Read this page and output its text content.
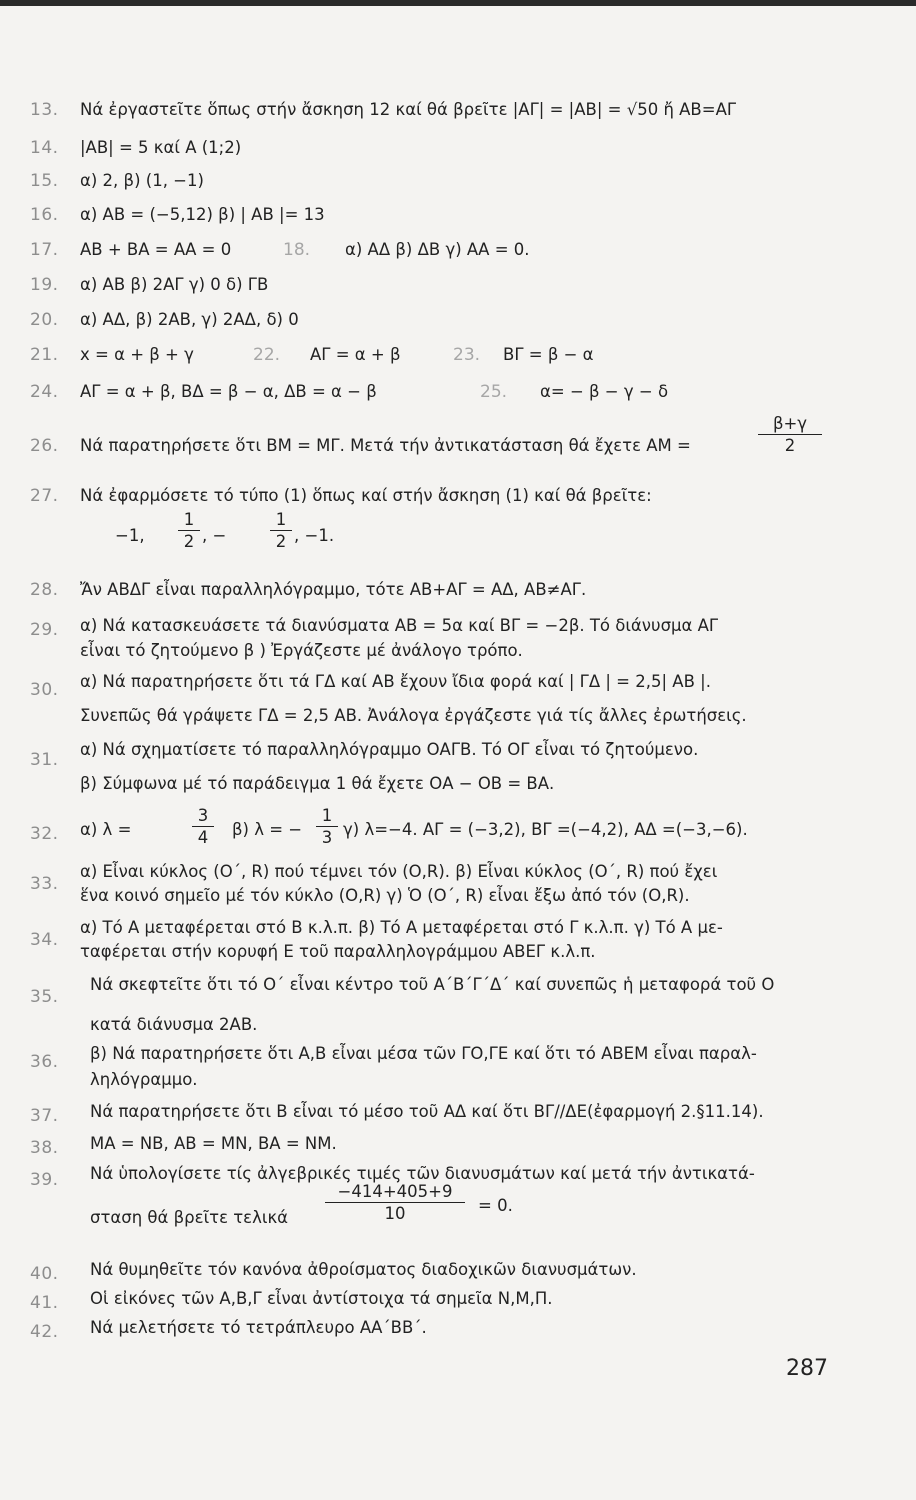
13.	Νά ἐργαστεῖτε ὅπως στήν ἄσκηση 12 καί θά βρεῖτε |ΑΓ| = |ΑΒ| = √50 ἤ ΑΒ=ΑΓ
14.	|ΑΒ| = 5 καί Α (1;2)
15.	α) 2, β) (1, −1)
16.	α) ΑΒ = (−5,12) β) | ΑΒ |= 13
17.	ΑΒ + ΒΑ = ΑΑ = 0	18. α) ΑΔ β) ΔΒ γ) ΑΑ = 0.
19.	α) ΑΒ β) 2ΑΓ γ) 0 δ) ΓΒ
20.	α) ΑΔ, β) 2ΑΒ, γ) 2ΑΔ, δ) 0
21.	x = α + β + γ	22. ΑΓ = α + β	23. ΒΓ = β − α
24.	ΑΓ = α + β, ΒΔ = β − α, ΔΒ = α − β	25. α= − β − γ − δ
26.	Νά παρατηρήσετε ὅτι ΒΜ = ΜΓ. Μετά τήν ἀντικατάσταση θά ἔχετε ΑΜ =
β+γ
2
27.	Νά ἐφαρμόσετε τό τύπο (1) ὅπως καί στήν ἄσκηση (1) καί θά βρεῖτε:
−1,
1
2 , −
1
2 , −1.
28.	Ἄν ΑΒΔΓ εἶναι παραλληλόγραμμο, τότε ΑΒ+ΑΓ = ΑΔ, ΑΒ≠ΑΓ.
29.	α) Νά κατασκευάσετε τά διανύσματα ΑΒ = 5α καί ΒΓ = −2β. Τό διάνυσμα ΑΓ
εἶναι τό ζητούμενο β ) Ἐργάζεστε μέ ἀνάλογο τρόπο.
30.	α) Νά παρατηρήσετε ὅτι τά ΓΔ καί ΑΒ ἔχουν ἴδια φορά καί | ΓΔ | = 2,5| ΑΒ |.
Συνεπῶς θά γράψετε ΓΔ = 2,5 ΑΒ. Ἀνάλογα ἐργάζεστε γιά τίς ἄλλες ἐρωτήσεις.
31.
α) Νά σχηματίσετε τό παραλληλόγραμμο ΟΑΓΒ. Τό ΟΓ εἶναι τό ζητούμενο.
β) Σύμφωνα μέ τό παράδειγμα 1 θά ἔχετε ΟΑ − ΟΒ = ΒΑ.
32.	α) λ =
3
4	β) λ = −
1
3 γ) λ=−4. ΑΓ = (−3,2), ΒΓ =(−4,2), ΑΔ =(−3,−6).
33.
α) Εἶναι κύκλος (Ο΄, R) πού τέμνει τόν (Ο,R). β) Εἶναι κύκλος (Ο΄, R) πού ἔχει
ἕνα κοινό σημεῖο μέ τόν κύκλο (Ο,R) γ) Ὁ (Ο΄, R) εἶναι ἔξω ἀπό τόν (Ο,R).
34.
α) Τό Α μεταφέρεται στό Β κ.λ.π. β) Τό Α μεταφέρεται στό Γ κ.λ.π. γ) Τό Α με-
ταφέρεται στήν κορυφή Ε τοῦ παραλληλογράμμου ΑΒΕΓ κ.λ.π.
35.
Νά σκεφτεῖτε ὅτι τό Ο΄ εἶναι κέντρο τοῦ Α΄Β΄Γ΄Δ΄ καί συνεπῶς ἡ μεταφορά τοῦ Ο
κατά διάνυσμα 2ΑΒ.
36.	β) Νά παρατηρήσετε ὅτι Α,Β εἶναι μέσα τῶν ΓΟ,ΓΕ καί ὅτι τό ΑΒΕΜ εἶναι παραλ-
ληλόγραμμο.
37.	Νά παρατηρήσετε ὅτι Β εἶναι τό μέσο τοῦ ΑΔ καί ὅτι ΒΓ//ΔΕ(ἐφαρμογή 2.§11.14).
38.	ΜΑ = ΝΒ, ΑΒ = ΜΝ, ΒΑ = ΝΜ.
39.	Νά ὑπολογίσετε τίς ἀλγεβρικές τιμές τῶν διανυσμάτων καί μετά τήν ἀντικατά-
σταση θά βρεῖτε τελικά
−414+405+9
10	= 0.
40.	Νά θυμηθεῖτε τόν κανόνα ἀθροίσματος διαδοχικῶν διανυσμάτων.
41.	Οἱ εἰκόνες τῶν Α,Β,Γ εἶναι ἀντίστοιχα τά σημεῖα Ν,Μ,Π.
42.	Νά μελετήσετε τό τετράπλευρο ΑΑ΄ΒΒ΄.
287
